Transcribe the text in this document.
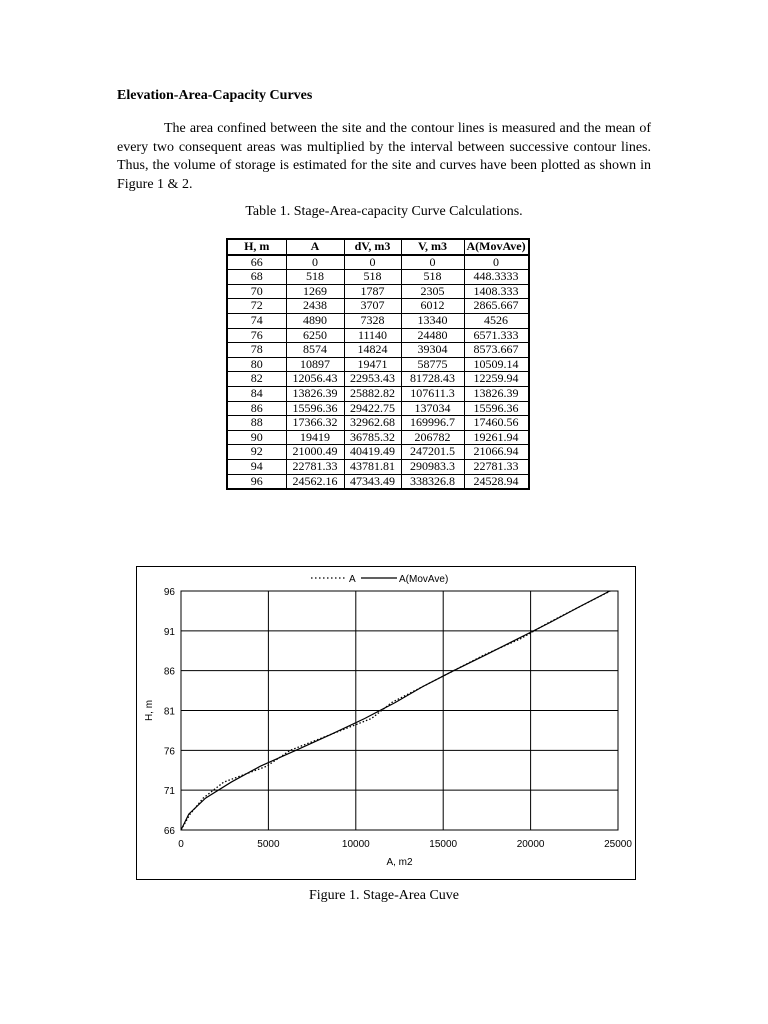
Elevation-Area-Capacity Curves

The area confined between the site and the contour lines is measured and the mean of every two consequent areas was multiplied by the interval between successive contour lines. Thus, the volume of storage is estimated for the site and curves have been plotted as shown in Figure 1 & 2.

Table 1. Stage-Area-capacity Curve Calculations.

H, m	A	dV, m3	V, m3	A(MovAve)
66	0	0	0	0
68	518	518	518	448.3333
70	1269	1787	2305	1408.333
72	2438	3707	6012	2865.667
74	4890	7328	13340	4526
76	6250	11140	24480	6571.333
78	8574	14824	39304	8573.667
80	10897	19471	58775	10509.14
82	12056.43	22953.43	81728.43	12259.94
84	13826.39	25882.82	107611.3	13826.39
86	15596.36	29422.75	137034	15596.36
88	17366.32	32962.68	169996.7	17460.56
90	19419	36785.32	206782	19261.94
92	21000.49	40419.49	247201.5	21066.94
94	22781.33	43781.81	290983.3	22781.33
96	24562.16	47343.49	338326.8	24528.94
0	5000	10000	15000	20000	25000
96
91
86
81
76
71
66
A, m2
H, m
A	A(MovAve)

Figure 1. Stage-Area Cuve
